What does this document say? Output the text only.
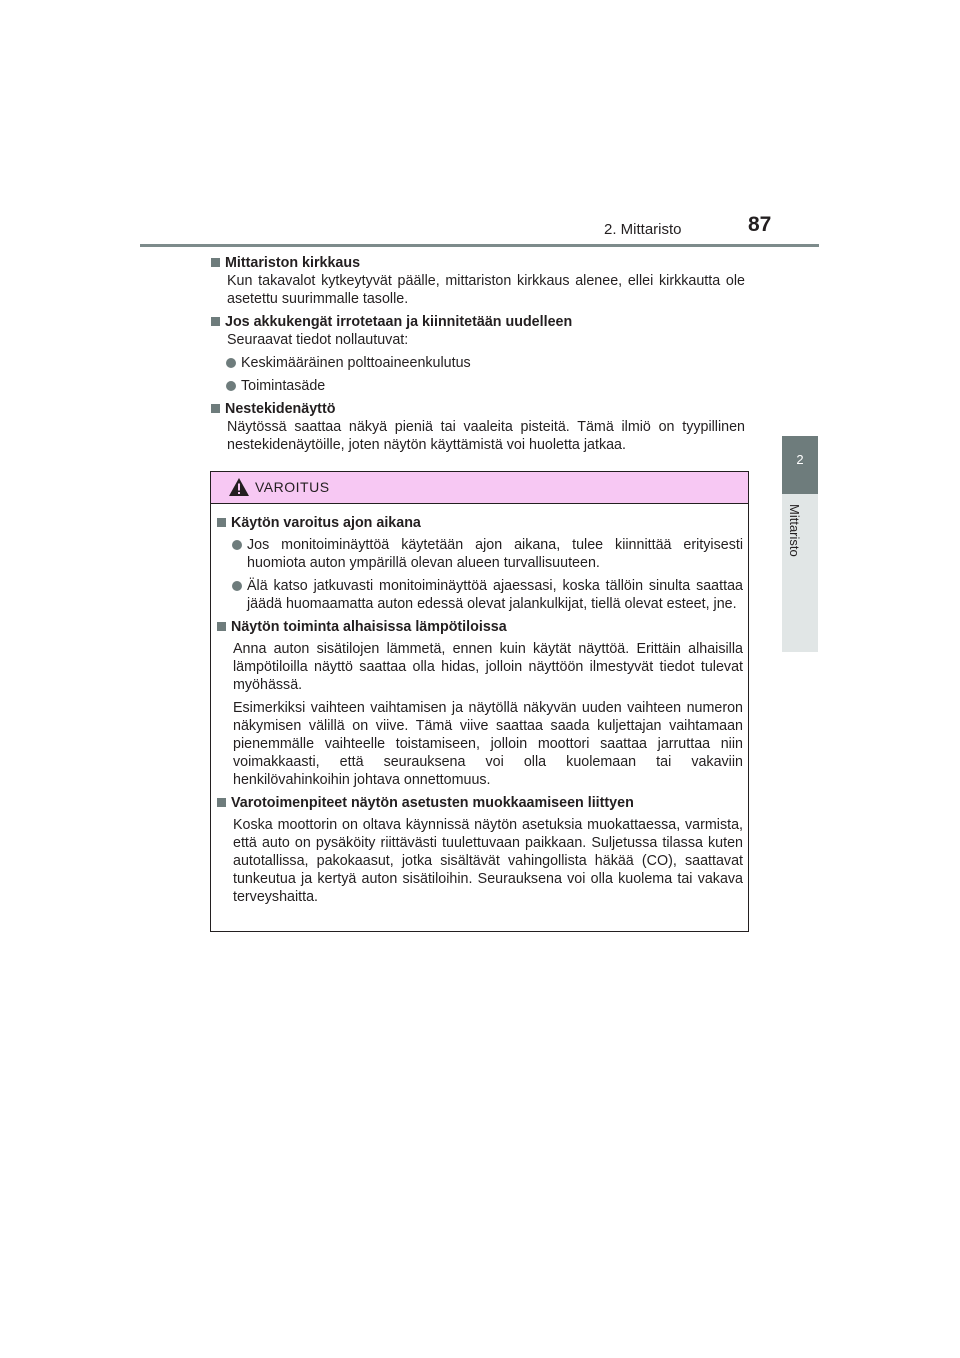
2. Mittaristo	87
2
Mittaristo

Mittariston kirkkaus

Kun takavalot kytkeytyvät päälle, mittariston kirkkaus alenee, ellei kirkkautta ole asetettu suurimmalle tasolle.

Jos akkukengät irrotetaan ja kiinnitetään uudelleen

Seuraavat tiedot nollautuvat:

Keskimääräinen polttoaineenkulutus

Toimintasäde

Nestekidenäyttö

Näytössä saattaa näkyä pieniä tai vaaleita pisteitä. Tämä ilmiö on tyypillinen nestekidenäytöille, joten näytön käyttämistä voi huoletta jatkaa.

VAROITUS

Käytön varoitus ajon aikana

Jos monitoiminäyttöä käytetään ajon aikana, tulee kiinnittää erityisesti huomiota auton ympärillä olevan alueen turvallisuuteen.

Älä katso jatkuvasti monitoiminäyttöä ajaessasi, koska tällöin sinulta saattaa jäädä huomaamatta auton edessä olevat jalankulkijat, tiellä olevat esteet, jne.

Näytön toiminta alhaisissa lämpötiloissa

Anna auton sisätilojen lämmetä, ennen kuin käytät näyttöä. Erittäin alhaisilla lämpötiloilla näyttö saattaa olla hidas, jolloin näyttöön ilmestyvät tiedot tulevat myöhässä.

Esimerkiksi vaihteen vaihtamisen ja näytöllä näkyvän uuden vaihteen numeron näkymisen välillä on viive. Tämä viive saattaa saada kuljettajan vaihtamaan pienemmälle vaihteelle toistamiseen, jolloin moottori saattaa jarruttaa niin voimakkaasti, että seurauksena voi olla kuolemaan tai vakaviin henkilövahinkoihin johtava onnettomuus.

Varotoimenpiteet näytön asetusten muokkaamiseen liittyen

Koska moottorin on oltava käynnissä näytön asetuksia muokattaessa, varmista, että auto on pysäköity riittävästi tuulettuvaan paikkaan. Suljetussa tilassa kuten autotallissa, pakokaasut, jotka sisältävät vahingollista häkää (CO), saattavat tunkeutua ja kertyä auton sisätiloihin. Seurauksena voi olla kuolema tai vakava terveyshaitta.
